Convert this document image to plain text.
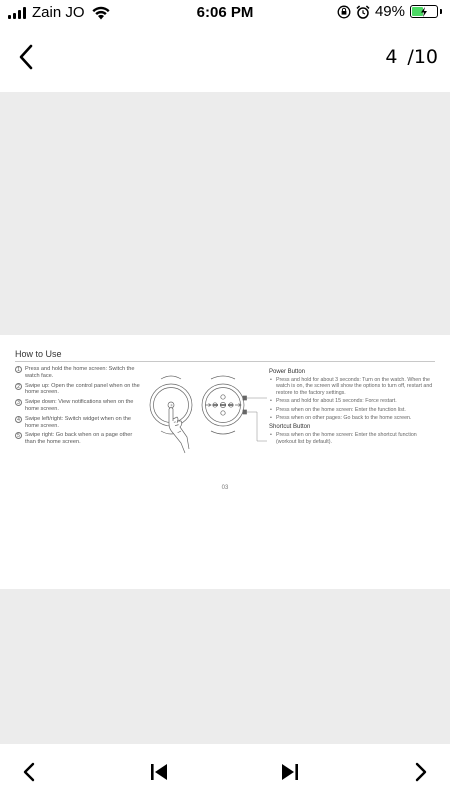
Zain JO	6:06 PM	49%
4 /10
How to Use
1 Press and hold the home screen: Switch the watch face.
2 Swipe up: Open the control panel when on the home screen.
3 Swipe down: View notifications when on the home screen.
4 Swipe left/right: Switch widget when on the home screen.
5 Swipe right: Go back when on a page other than the home screen.
①
Power Button
• Press and hold for about 3 seconds: Turn on the watch. When the watch is on, the screen will show the options to turn off, restart and restore to the factory settings.
• Press and hold for about 15 seconds: Force restart.
• Press when on the home screen: Enter the function list.
• Press when on other pages: Go back to the home screen.
Shortcut Button
• Press when on the home screen: Enter the shortcut function (workout list by default).
03
